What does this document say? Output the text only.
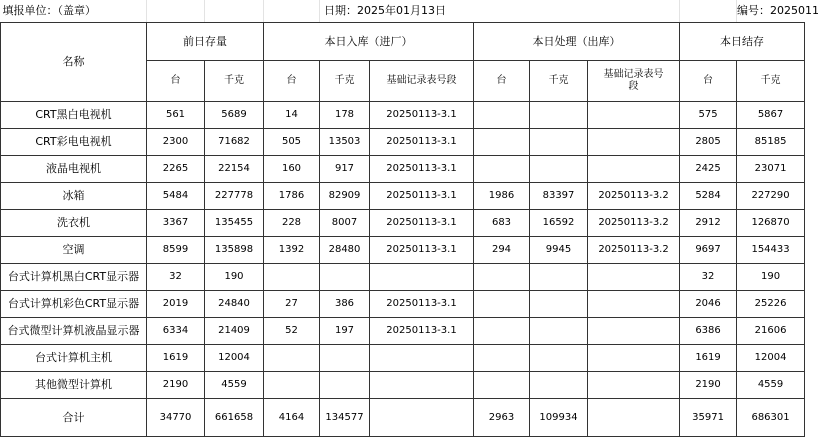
填报单位：（盖章）				日期：2025年01月13日						编号：2025011
名称	前日存量		本日入库（进厂）			本日处理（出库）			本日结存	
	台	千克	台	千克	基础记录表号段	台	千克	基础记录表号段	台	千克
CRT黑白电视机	561	5689	14	178	20250113-3.1				575	5867
CRT彩电电视机	2300	71682	505	13503	20250113-3.1				2805	85185
液晶电视机	2265	22154	160	917	20250113-3.1				2425	23071
冰箱	5484	227778	1786	82909	20250113-3.1	1986	83397	20250113-3.2	5284	227290
洗衣机	3367	135455	228	8007	20250113-3.1	683	16592	20250113-3.2	2912	126870
空调	8599	135898	1392	28480	20250113-3.1	294	9945	20250113-3.2	9697	154433
台式计算机黑白CRT显示器	32	190							32	190
台式计算机彩色CRT显示器	2019	24840	27	386	20250113-3.1				2046	25226
台式微型计算机液晶显示器	6334	21409	52	197	20250113-3.1				6386	21606
台式计算机主机	1619	12004							1619	12004
其他微型计算机	2190	4559							2190	4559
合计	34770	661658	4164	134577		2963	109934		35971	686301
